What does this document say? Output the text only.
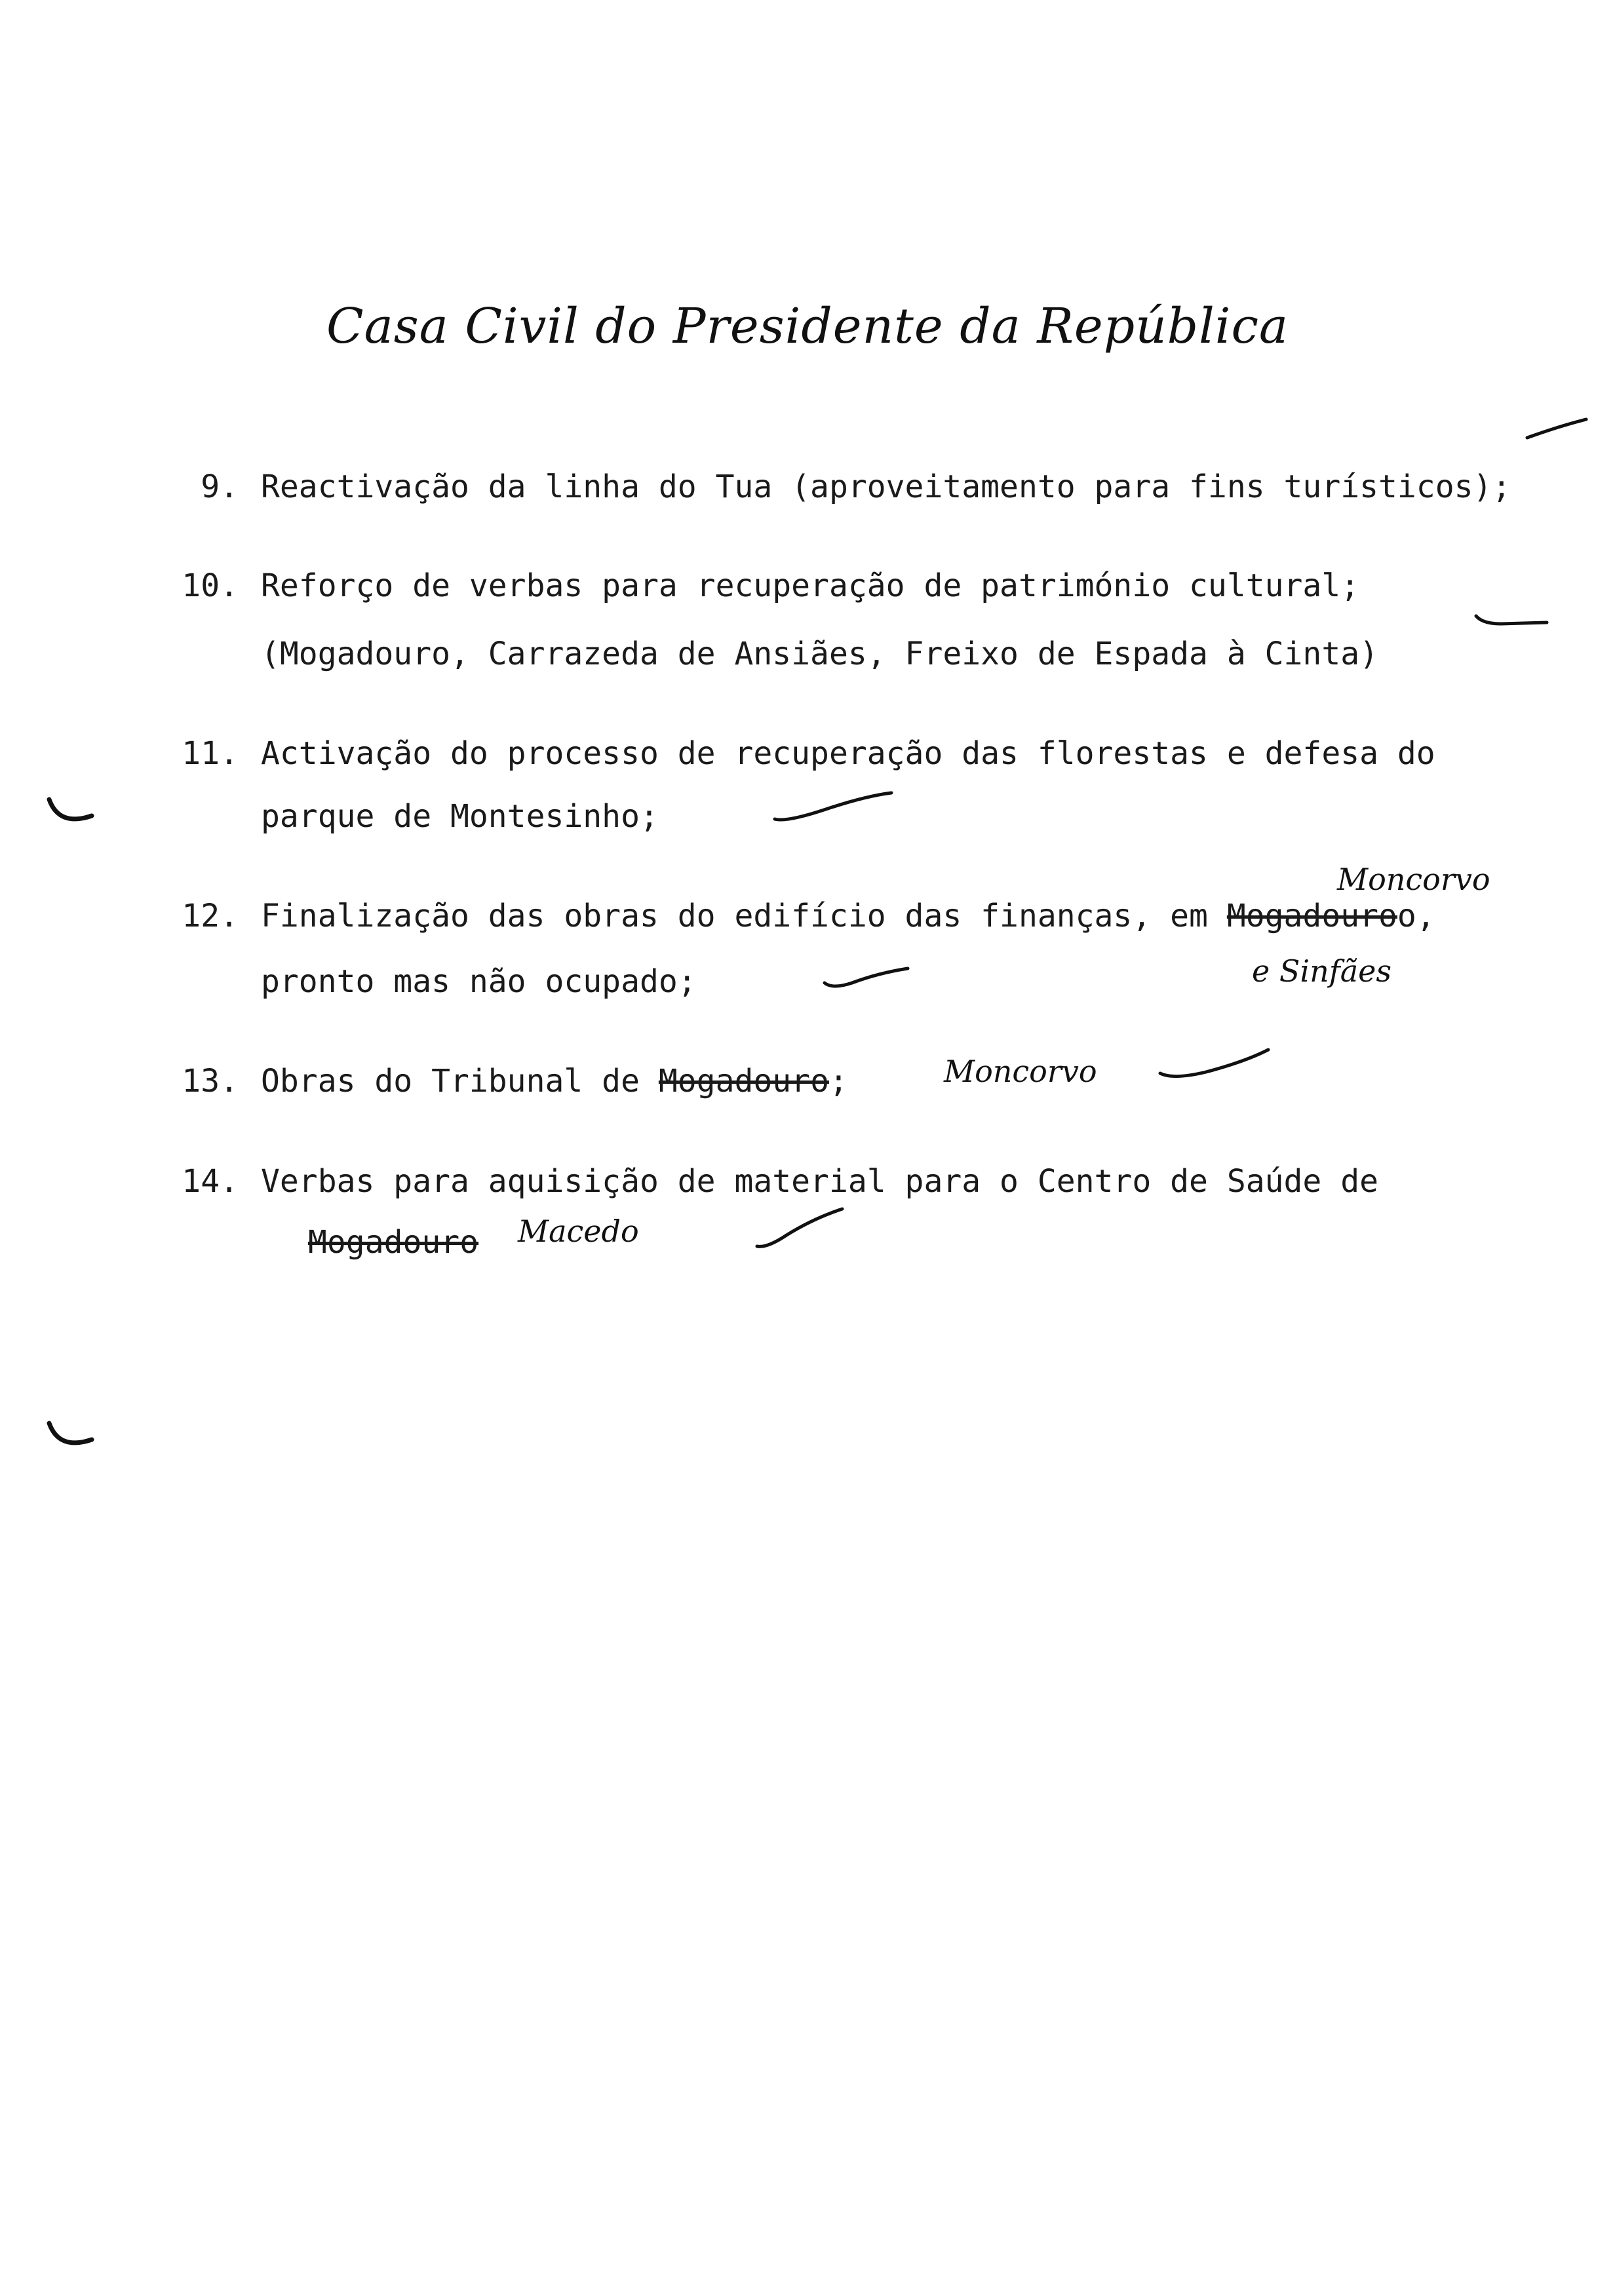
Casa Civil do Presidente da República
9. Reactivação da linha do Tua (aproveitamento para fins turísticos);
10. Reforço de verbas para recuperação de património cultural;
(Mogadouro, Carrazeda de Ansiães, Freixo de Espada à Cinta)
11. Activação do processo de recuperação das florestas e defesa do
parque de Montesinho;
12. Finalização das obras do edifício das finanças, em Mogadouroo,
pronto mas não ocupado;
Moncorvo
e Sinfães
13. Obras do Tribunal de Mogadouro;	Moncorvo
14. Verbas para aquisição de material para o Centro de Saúde de
Mogadouro Macedo
